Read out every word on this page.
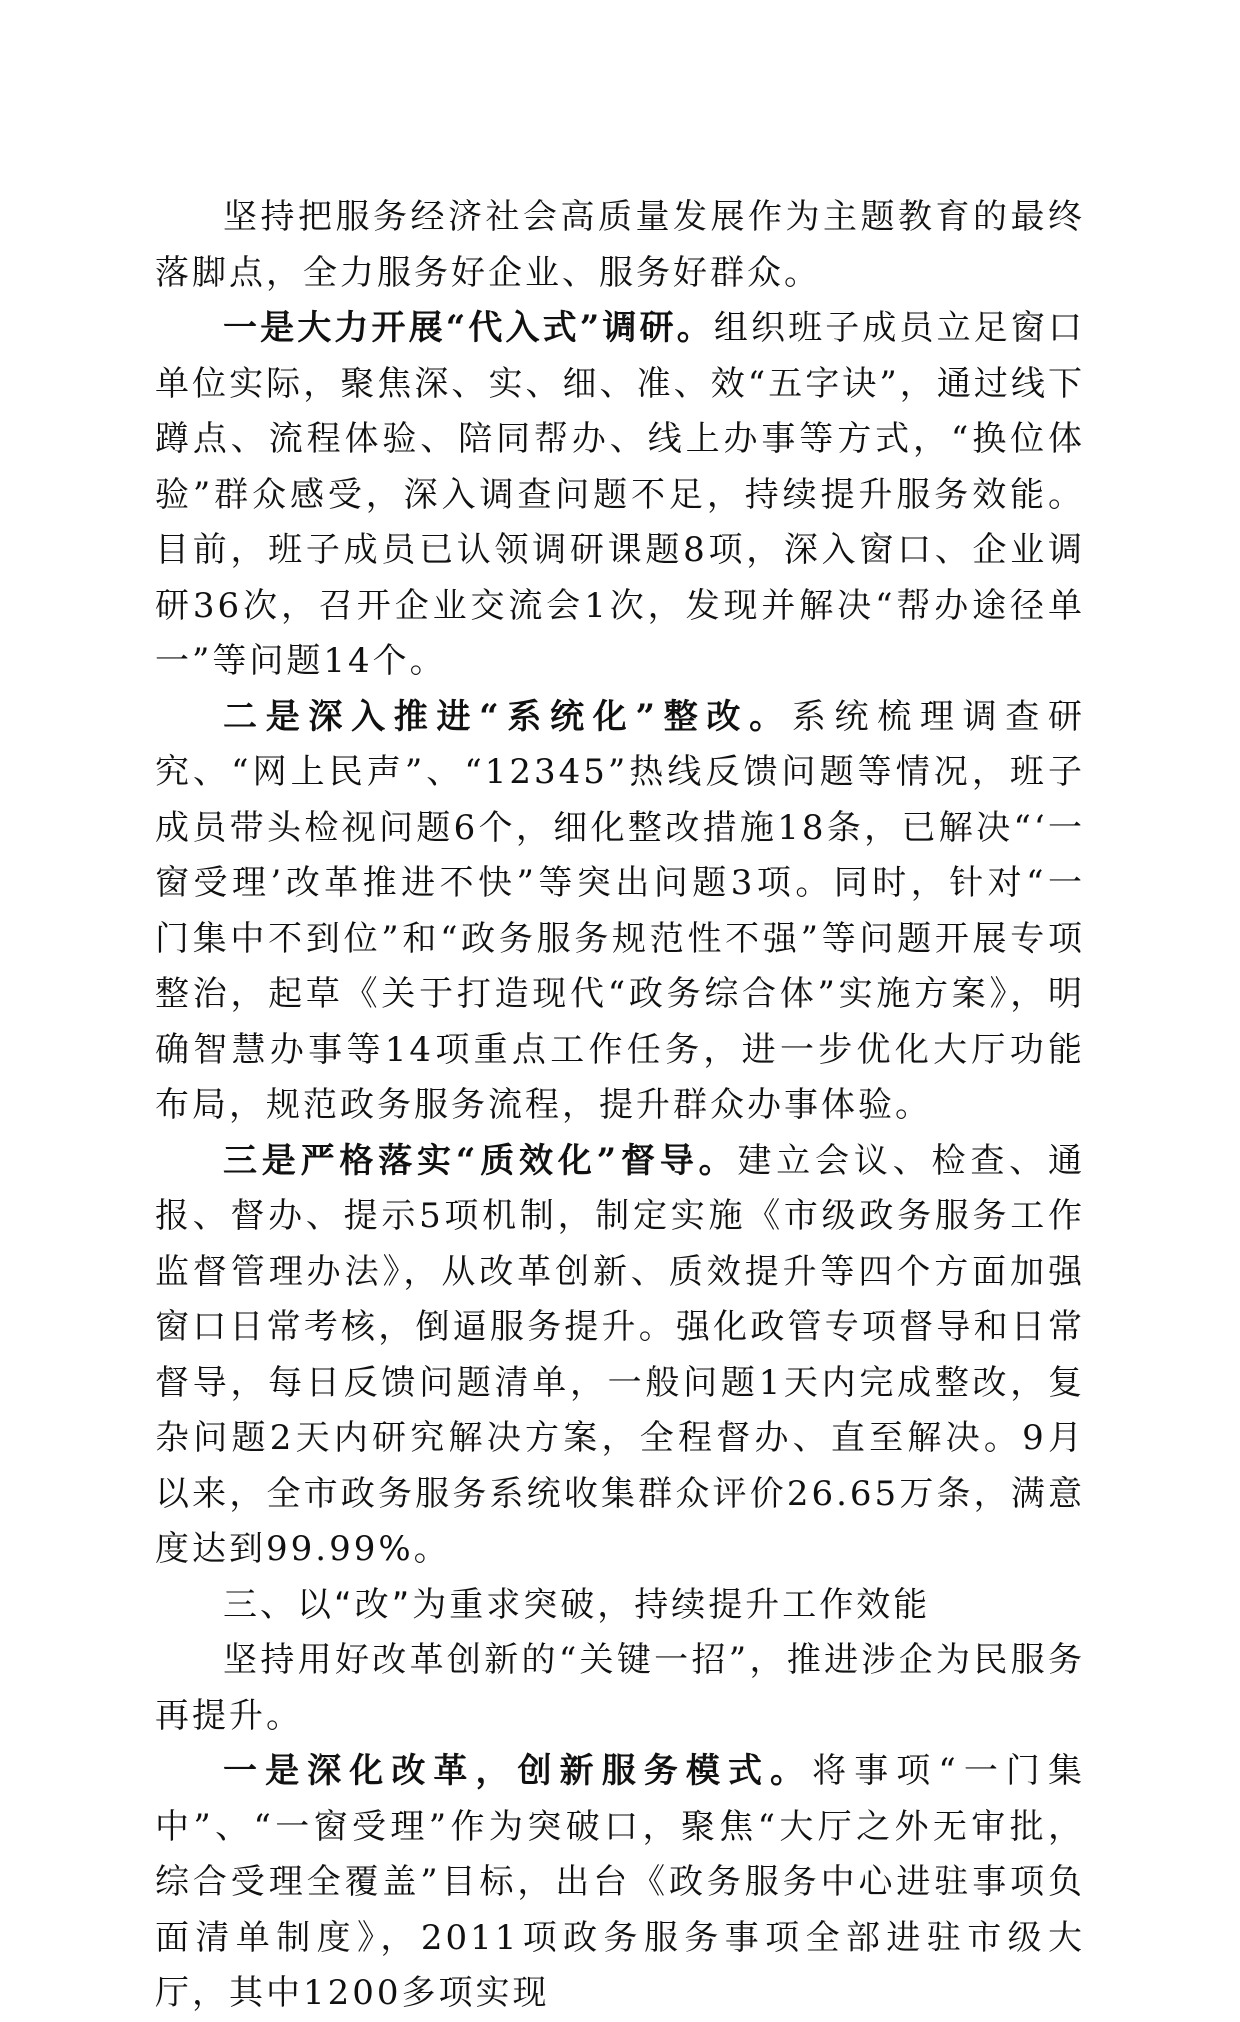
坚持把服务经济社会高质量发展作为主题教育的最终落脚点，全力服务好企业、服务好群众。

一是大力开展“代入式”调研。组织班子成员立足窗口单位实际，聚焦深、实、细、准、效“五字诀”，通过线下蹲点、流程体验、陪同帮办、线上办事等方式，“换位体验”群众感受，深入调查问题不足，持续提升服务效能。目前，班子成员已认领调研课题8项，深入窗口、企业调研36次，召开企业交流会1次，发现并解决“帮办途径单一”等问题14个。

二是深入推进“系统化”整改。系统梳理调查研究、“网上民声”、“12345”热线反馈问题等情况，班子成员带头检视问题6个，细化整改措施18条，已解决“‘一窗受理’改革推进不快”等突出问题3项。同时，针对“一门集中不到位”和“政务服务规范性不强”等问题开展专项整治，起草《关于打造现代“政务综合体”实施方案》，明确智慧办事等14项重点工作任务，进一步优化大厅功能布局，规范政务服务流程，提升群众办事体验。

三是严格落实“质效化”督导。建立会议、检查、通报、督办、提示5项机制，制定实施《市级政务服务工作监督管理办法》，从改革创新、质效提升等四个方面加强窗口日常考核，倒逼服务提升。强化政管专项督导和日常督导，每日反馈问题清单，一般问题1天内完成整改，复杂问题2天内研究解决方案，全程督办、直至解决。9月以来，全市政务服务系统收集群众评价26.65万条，满意度达到99.99%。

三、以“改”为重求突破，持续提升工作效能

坚持用好改革创新的“关键一招”，推进涉企为民服务再提升。

一是深化改革，创新服务模式。将事项“一门集中”、“一窗受理”作为突破口，聚焦“大厅之外无审批，综合受理全覆盖”目标，出台《政务服务中心进驻事项负面清单制度》，2011项政务服务事项全部进驻市级大厅，其中1200多项实现
